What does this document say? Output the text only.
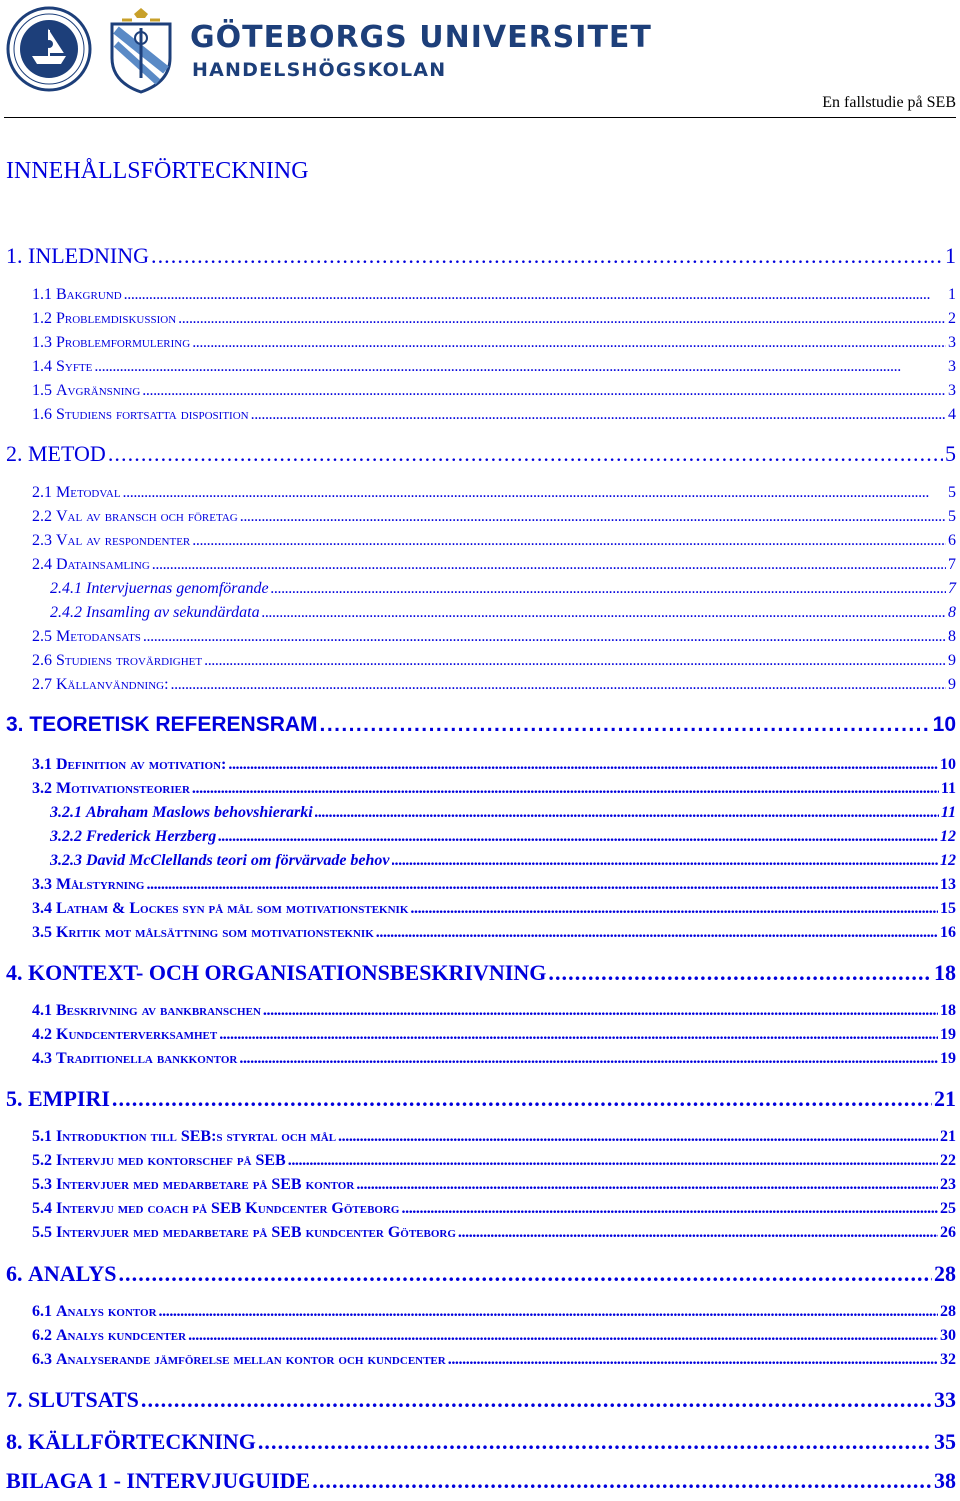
GÖTEBORGS UNIVERSITET

HANDELSHÖGSKOLAN

En fallstudie på SEB
INNEHÅLLSFÖRTECKNING
1. INLEDNING . . .	1
1.1 Bakgrund . . .	1
1.2 Problemdiskussion . . .	2
1.3 Problemformulering . . .	3
1.4 Syfte . . .	3
1.5 Avgränsning . . .	3
1.6 Studiens fortsatta disposition . . .	4
2. METOD . . .	5
2.1 Metodval . . .	5
2.2 Val av bransch och företag . . .	5
2.3 Val av respondenter . . .	6
2.4 Datainsamling . . .	7
2.4.1 Intervjuernas genomförande . . .	7
2.4.2 Insamling av sekundärdata . . .	8
2.5 Metodansats . . .	8
2.6 Studiens trovärdighet . . .	9
2.7 Källanvändning: . . .	9
3. TEORETISK REFERENSRAM . . .	10
3.1 Definition av motivation: . . .	10
3.2 Motivationsteorier . . .	11
3.2.1 Abraham Maslows behovshierarki . . .	11
3.2.2 Frederick Herzberg . . .	12
3.2.3 David McClellands teori om förvärvade behov . . .	12
3.3 Målstyrning . . .	13
3.4 Latham & Lockes syn på mål som motivationsteknik . . .	15
3.5 Kritik mot målsättning som motivationsteknik . . .	16
4. KONTEXT- OCH ORGANISATIONSBESKRIVNING . . .	18
4.1 Beskrivning av bankbranschen . . .	18
4.2 Kundcenterverksamhet . . .	19
4.3 Traditionella bankkontor . . .	19
5. EMPIRI . . .	21
5.1 Introduktion till SEB:s styrtal och mål . . .	21
5.2 Intervju med kontorschef på SEB . . .	22
5.3 Intervjuer med medarbetare på SEB kontor . . .	23
5.4 Intervju med coach på SEB Kundcenter Göteborg . . .	25
5.5 Intervjuer med medarbetare på SEB kundcenter Göteborg . . .	26
6. ANALYS . . .	28
6.1 Analys kontor . . .	28
6.2 Analys kundcenter . . .	30
6.3 Analyserande jämförelse mellan kontor och kundcenter . . .	32
7. SLUTSATS . . .	33
8. KÄLLFÖRTECKNING . . .	35
BILAGA 1 - INTERVJUGUIDE . . .	38
